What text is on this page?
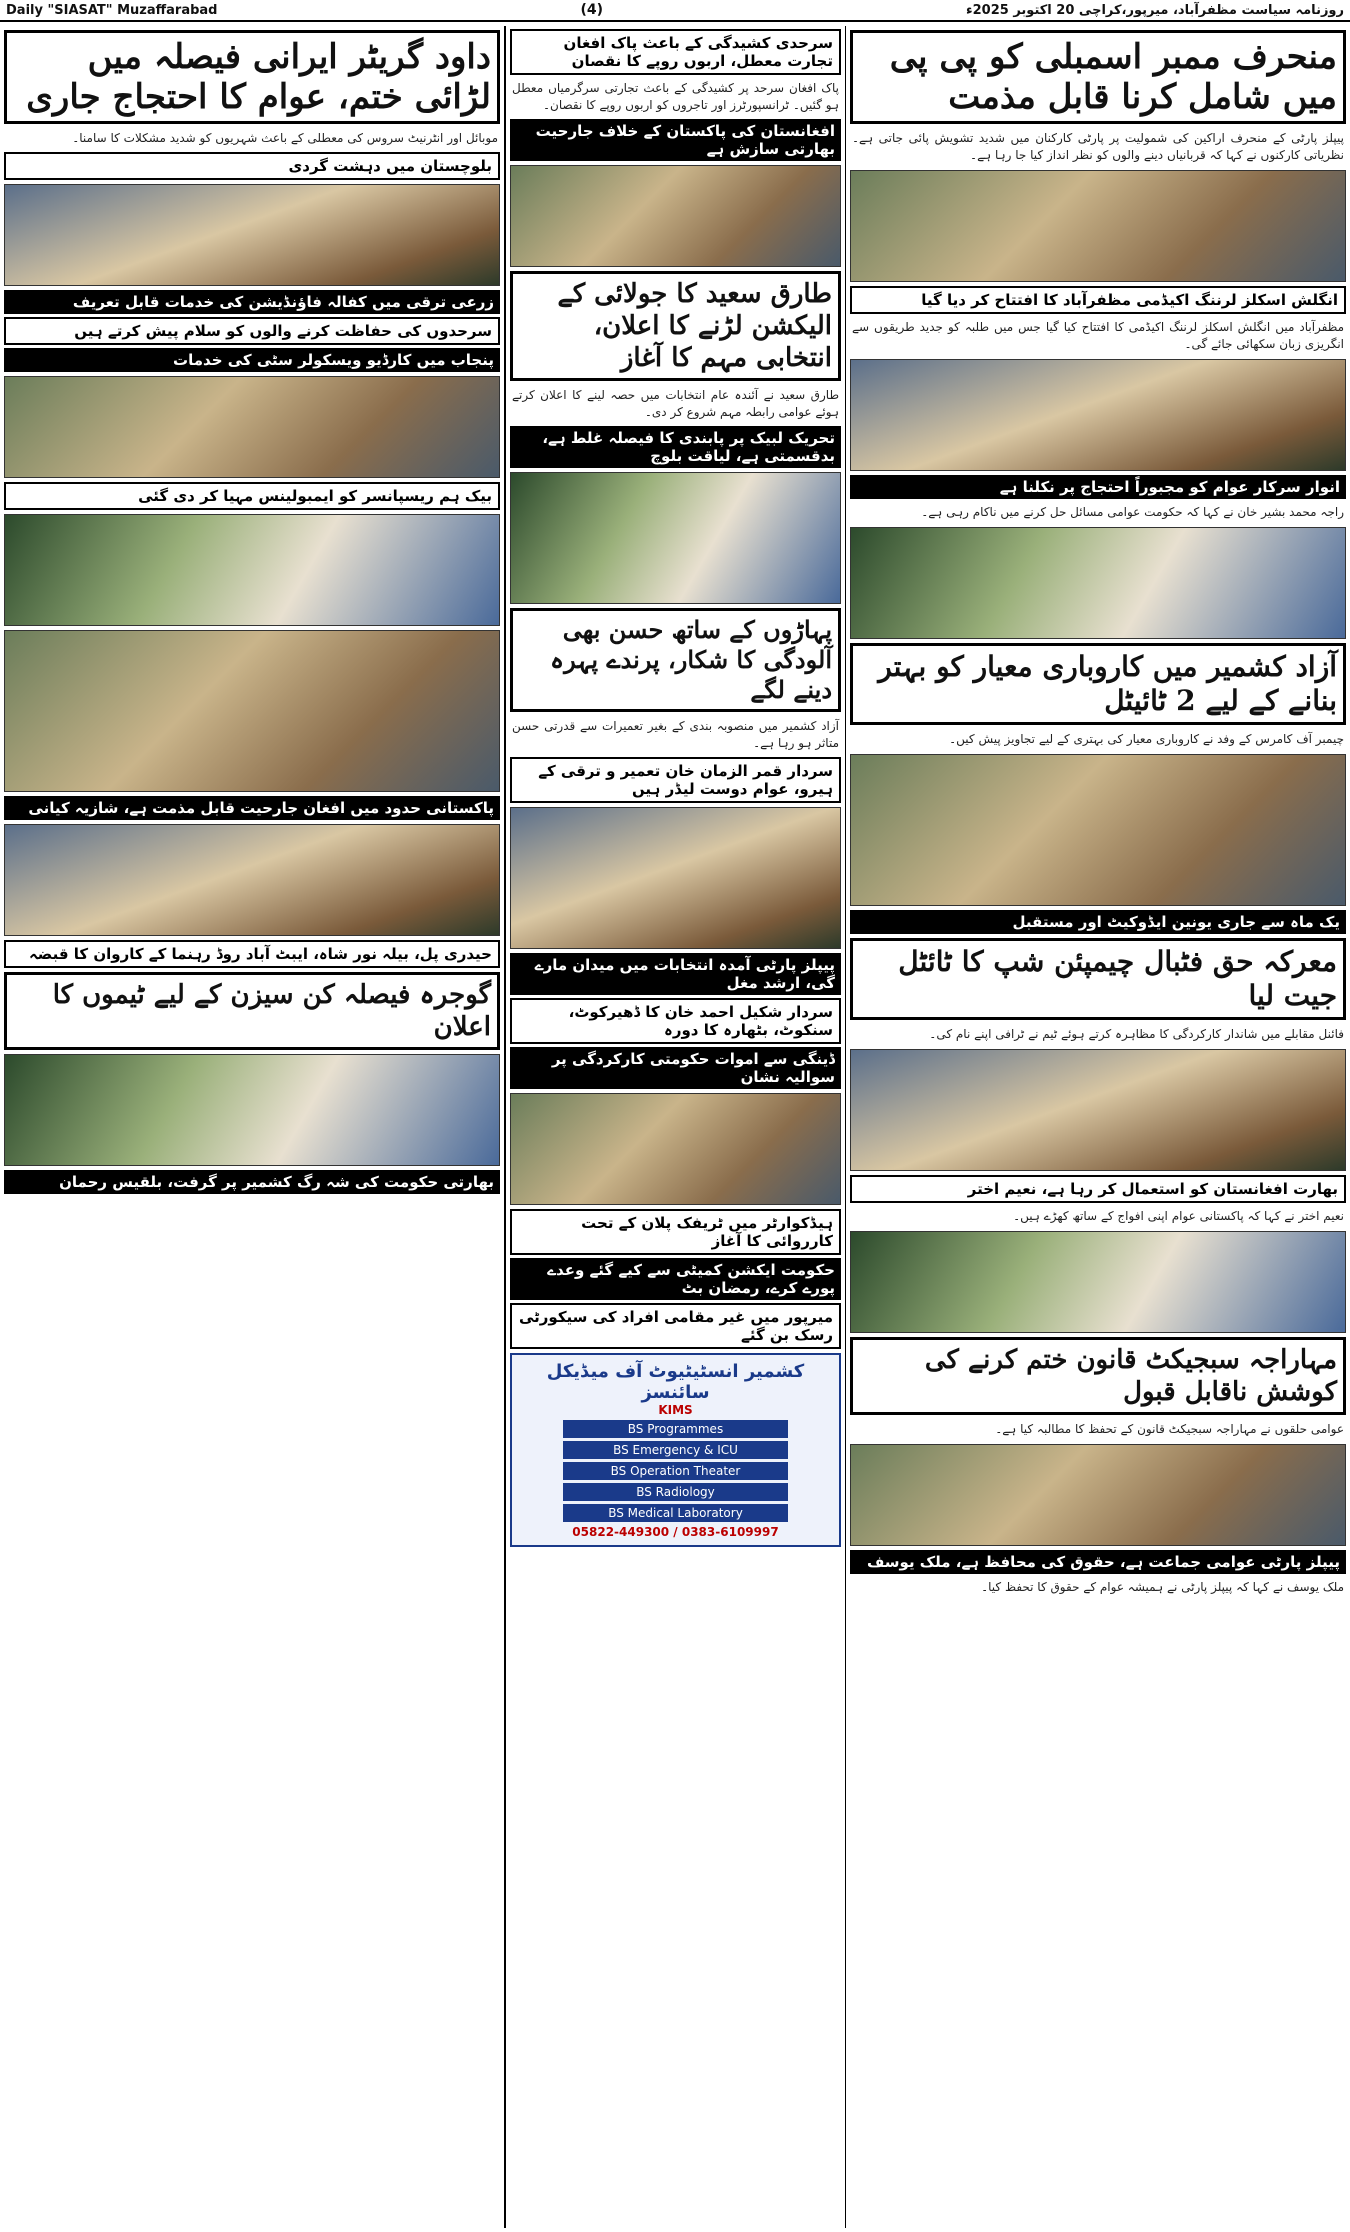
Daily "SIASAT" Muzaffarabad	(4)	روزنامہ سیاست مظفرآباد، میرپور،کراچی 20 اکتوبر 2025ء
منحرف ممبر اسمبلی کو پی پی میں شامل کرنا قابل مذمت
پیپلز پارٹی کے منحرف اراکین کی شمولیت پر پارٹی کارکنان میں شدید تشویش پائی جاتی ہے۔ نظریاتی کارکنوں نے کہا کہ قربانیاں دینے والوں کو نظر انداز کیا جا رہا ہے۔
انگلش اسکلز لرننگ اکیڈمی مظفرآباد کا افتتاح کر دیا گیا
مظفرآباد میں انگلش اسکلز لرننگ اکیڈمی کا افتتاح کیا گیا جس میں طلبہ کو جدید طریقوں سے انگریزی زبان سکھائی جائے گی۔
انوار سرکار عوام کو مجبوراً احتجاج پر نکلنا ہے
راجہ محمد بشیر خان نے کہا کہ حکومت عوامی مسائل حل کرنے میں ناکام رہی ہے۔
آزاد کشمیر میں کاروباری معیار کو بہتر بنانے کے لیے 2 ٹائیٹل
چیمبر آف کامرس کے وفد نے کاروباری معیار کی بہتری کے لیے تجاویز پیش کیں۔
یک ماہ سے جاری یونین ایڈوکیٹ اور مستقبل
معرکہ حق فٹبال چیمپئن شپ کا ٹائٹل جیت لیا
فائنل مقابلے میں شاندار کارکردگی کا مظاہرہ کرتے ہوئے ٹیم نے ٹرافی اپنے نام کی۔
بھارت افغانستان کو استعمال کر رہا ہے، نعیم اختر
نعیم اختر نے کہا کہ پاکستانی عوام اپنی افواج کے ساتھ کھڑے ہیں۔
مہاراجہ سبجیکٹ قانون ختم کرنے کی کوشش ناقابل قبول
عوامی حلقوں نے مہاراجہ سبجیکٹ قانون کے تحفظ کا مطالبہ کیا ہے۔
پیپلز پارٹی عوامی جماعت ہے، حقوق کی محافظ ہے، ملک یوسف
ملک یوسف نے کہا کہ پیپلز پارٹی نے ہمیشہ عوام کے حقوق کا تحفظ کیا۔
سرحدی کشیدگی کے باعث پاک افغان تجارت معطل، اربوں روپے کا نقصان
پاک افغان سرحد پر کشیدگی کے باعث تجارتی سرگرمیاں معطل ہو گئیں۔ ٹرانسپورٹرز اور تاجروں کو اربوں روپے کا نقصان۔
افغانستان کی پاکستان کے خلاف جارحیت بھارتی سازش ہے
طارق سعید کا جولائی کے الیکشن لڑنے کا اعلان، انتخابی مہم کا آغاز
طارق سعید نے آئندہ عام انتخابات میں حصہ لینے کا اعلان کرتے ہوئے عوامی رابطہ مہم شروع کر دی۔
تحریک لبیک پر پابندی کا فیصلہ غلط ہے، بدقسمتی ہے، لیاقت بلوچ
پہاڑوں کے ساتھ حسن بھی آلودگی کا شکار، پرندے پہرہ دینے لگے
آزاد کشمیر میں منصوبہ بندی کے بغیر تعمیرات سے قدرتی حسن متاثر ہو رہا ہے۔
سردار قمر الزمان خان تعمیر و ترقی کے ہیرو، عوام دوست لیڈر ہیں
پیپلز پارٹی آمدہ انتخابات میں میدان مارے گی، ارشد مغل
سردار شکیل احمد خان کا ڈھیرکوٹ، سنکوٹ، بٹھارہ کا دورہ
ڈینگی سے اموات حکومتی کارکردگی پر سوالیہ نشان
ہیڈکوارٹر میں ٹریفک پلان کے تحت کارروائی کا آغاز
حکومت ایکشن کمیٹی سے کیے گئے وعدے پورے کرے، رمضان بٹ
میرپور میں غیر مقامی افراد کی سیکورٹی رسک بن گئے
کشمیر انسٹیٹیوٹ آف میڈیکل سائنسز
KIMS
BS Programmes
BS Emergency & ICU
BS Operation Theater
BS Radiology
BS Medical Laboratory
05822-449300 / 0383-6109997
داود گریٹر ایرانی فیصلہ میں لڑائی ختم، عوام کا احتجاج جاری
موبائل اور انٹرنیٹ سروس کی معطلی کے باعث شہریوں کو شدید مشکلات کا سامنا۔
بلوچستان میں دہشت گردی
زرعی ترقی میں کفالہ فاؤنڈیشن کی خدمات قابل تعریف
سرحدوں کی حفاظت کرنے والوں کو سلام پیش کرتے ہیں
پنجاب میں کارڈیو ویسکولر سٹی کی خدمات
بیک ہم ریسپانسر کو ایمبولینس مہیا کر دی گئی
پاکستانی حدود میں افغان جارحیت قابل مذمت ہے، شازیہ کیانی
حیدری پل، بیلہ نور شاہ، ایبٹ آباد روڈ رہنما کے کاروان کا قبضہ
گوجرہ فیصلہ کن سیزن کے لیے ٹیموں کا اعلان
بھارتی حکومت کی شہ رگ کشمیر پر گرفت، بلقیس رحمان
